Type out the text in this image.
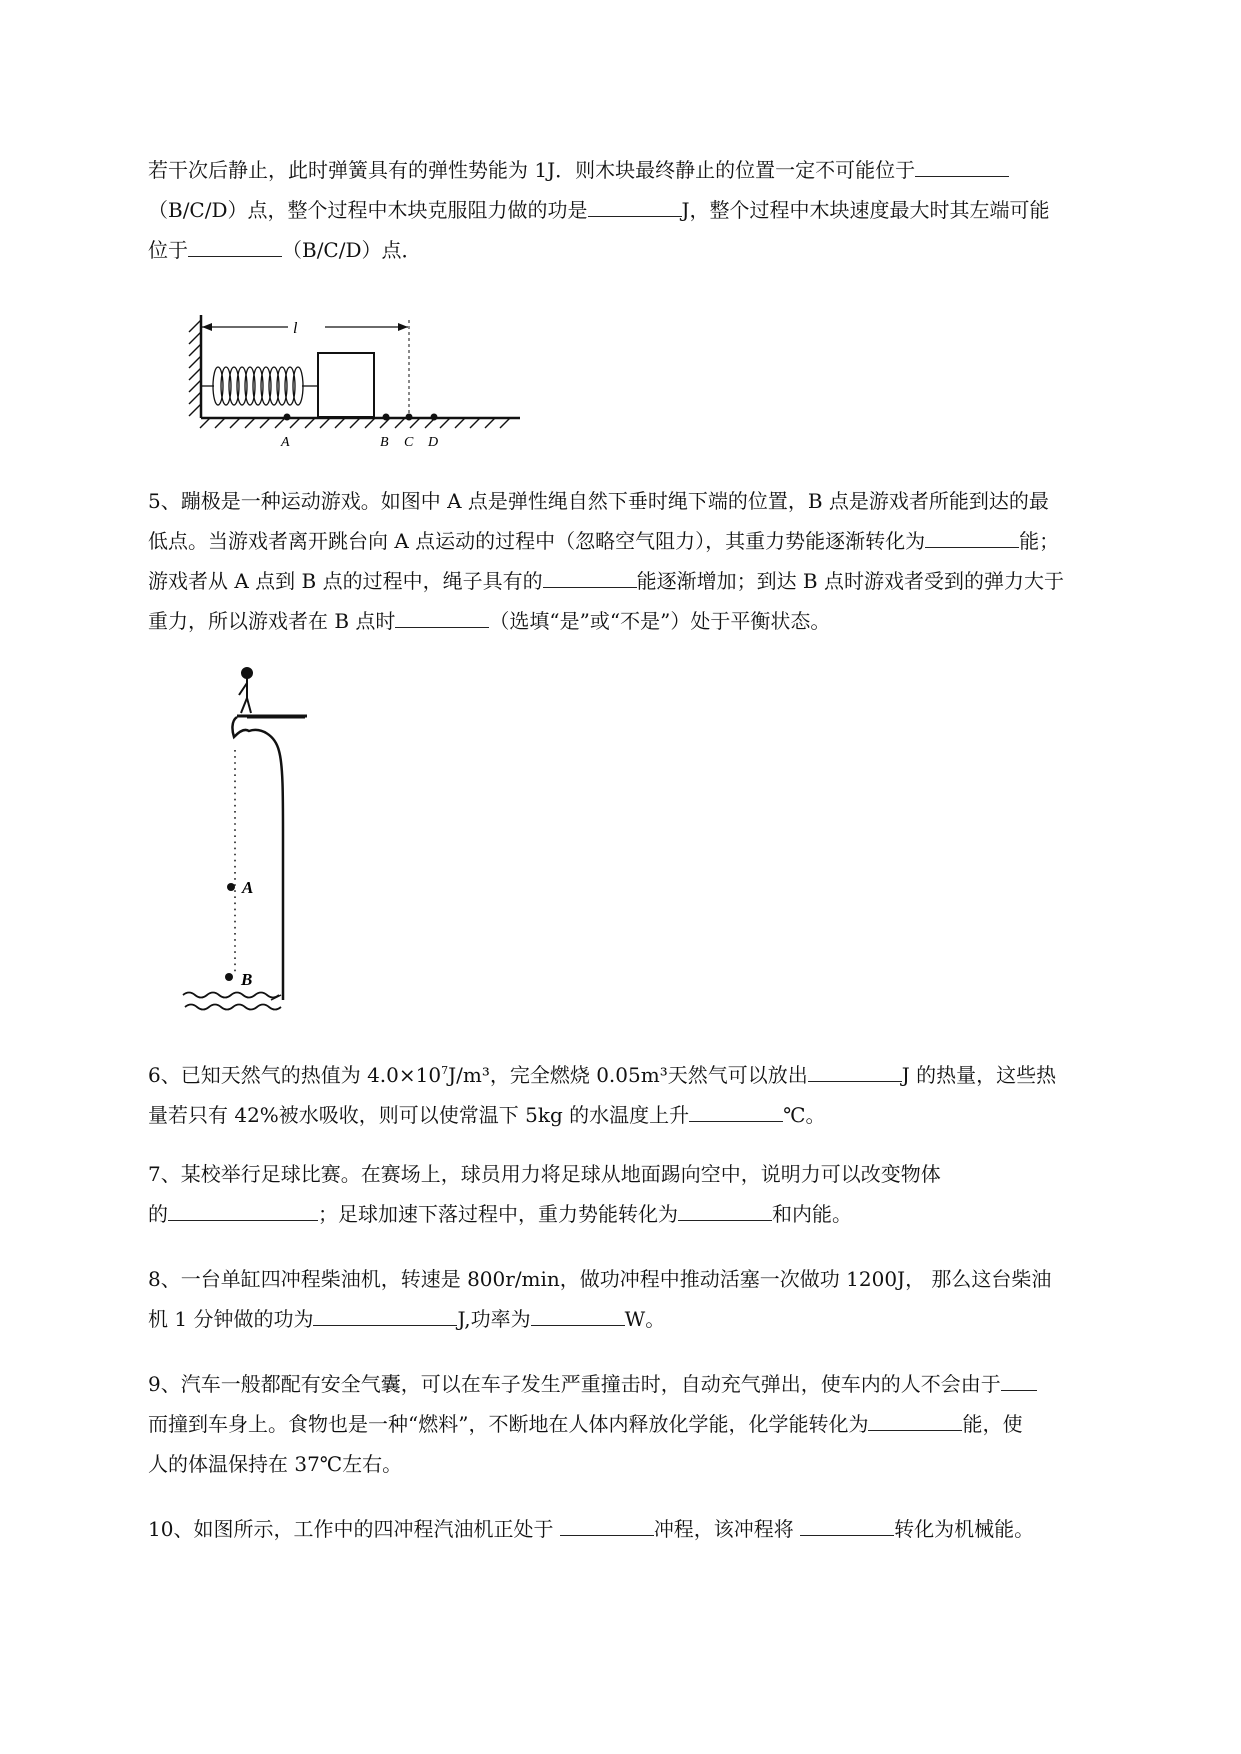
若干次后静止，此时弹簧具有的弹性势能为 1J．则木块最终静止的位置一定不可能位于
（B/C/D）点，整个过程中木块克服阻力做的功是	J，整个过程中木块速度最大时其左端可能
位于	（B/C/D）点．
l
A	B C D
5、蹦极是一种运动游戏。如图中 A 点是弹性绳自然下垂时绳下端的位置，B 点是游戏者所能到达的最
低点。当游戏者离开跳台向 A 点运动的过程中（忽略空气阻力），其重力势能逐渐转化为	能；
游戏者从 A 点到 B 点的过程中，绳子具有的	能逐渐增加；到达 B 点时游戏者受到的弹力大于
重力，所以游戏者在 B 点时	（选填“是”或“不是”）处于平衡状态。
A
B
6、已知天然气的热值为 $4.0\times 10^7J/m^3$，完全燃烧 0.05m³天然气可以放出	J 的热量，这些热
量若只有 42%被水吸收，则可以使常温下 5kg 的水温度上升	℃。
7、某校举行足球比赛。在赛场上，球员用力将足球从地面踢向空中，说明力可以改变物体
的	；足球加速下落过程中，重力势能转化为	和内能。
8、一台单缸四冲程柴油机，转速是 800r/min，做功冲程中推动活塞一次做功 1200J， 那么这台柴油
机 1 分钟做的功为	J,功率为	W。
9、汽车一般都配有安全气囊，可以在车子发生严重撞击时，自动充气弹出，使车内的人不会由于
而撞到车身上。食物也是一种“燃料”，不断地在人体内释放化学能，化学能转化为	能，使
人的体温保持在 37℃左右。
10、如图所示，工作中的四冲程汽油机正处于	冲程，该冲程将	转化为机械能。
